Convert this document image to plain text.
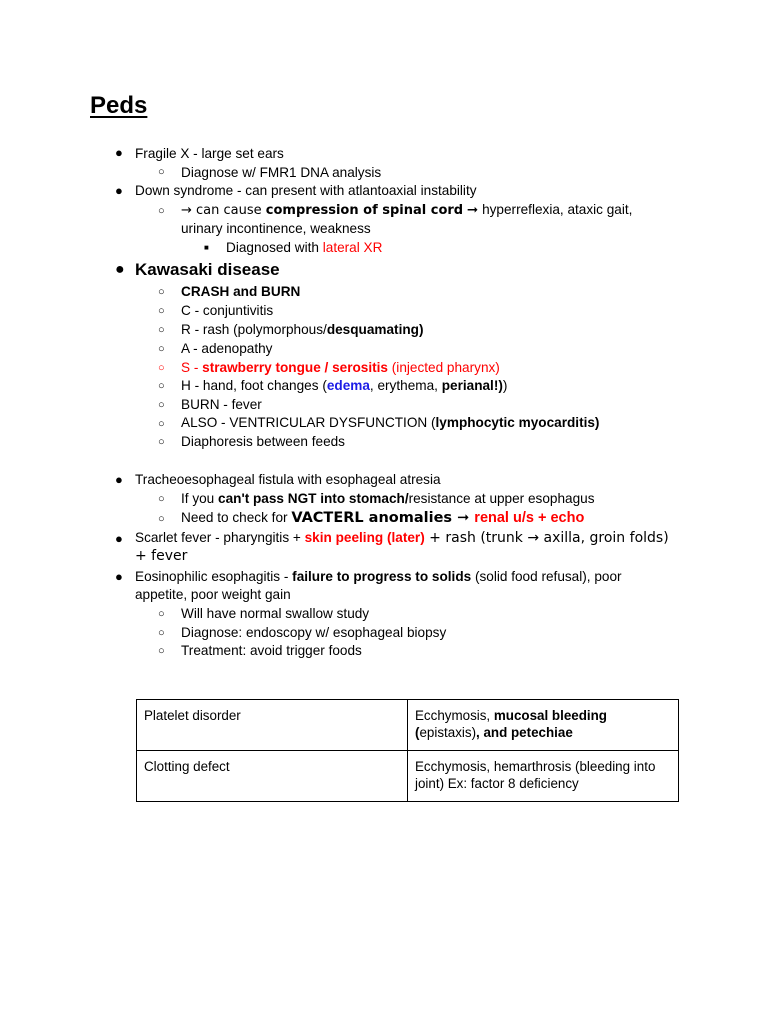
Peds
● Fragile X - large set ears
○ Diagnose w/ FMR1 DNA analysis
● Down syndrome - can present with atlantoaxial instability
○ → can cause compression of spinal cord ➞ hyperreflexia, ataxic gait,
urinary incontinence, weakness
■ Diagnosed with lateral XR
● Kawasaki disease
○ CRASH and BURN
○ C - conjuntivitis
○ R - rash (polymorphous/desquamating)
○ A - adenopathy
○ S - strawberry tongue / serositis (injected pharynx)
○ H - hand, foot changes (edema, erythema, perianal!))
○ BURN - fever
○ ALSO - VENTRICULAR DYSFUNCTION (lymphocytic myocarditis)
○ Diaphoresis between feeds
● Tracheoesophageal fistula with esophageal atresia
○ If you can't pass NGT into stomach/resistance at upper esophagus
○ Need to check for VACTERL anomalies ➞ renal u/s + echo
● Scarlet fever - pharyngitis + skin peeling (later) + rash (trunk → axilla, groin folds)
+ fever
● Eosinophilic esophagitis - failure to progress to solids (solid food refusal), poor
appetite, poor weight gain
○ Will have normal swallow study
○ Diagnose: endoscopy w/ esophageal biopsy
○ Treatment: avoid trigger foods
Platelet disorder	Ecchymosis, mucosal bleeding
(epistaxis), and petechiae
Clotting defect	Ecchymosis, hemarthrosis (bleeding into
joint) Ex: factor 8 deficiency
